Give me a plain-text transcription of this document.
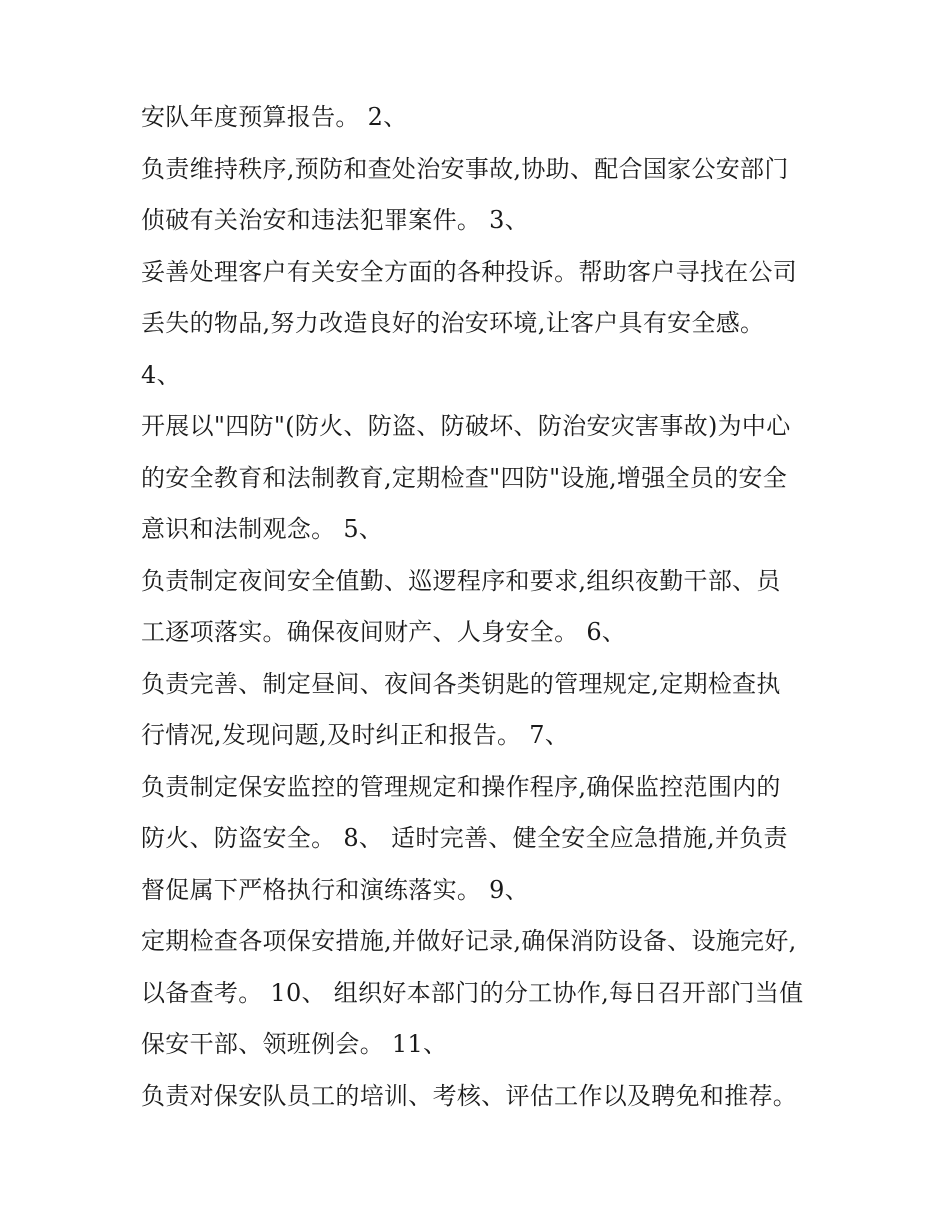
安队年度预算报告。 2、
负责维持秩序,预防和查处治安事故,协助、配合国家公安部门
侦破有关治安和违法犯罪案件。 3、
妥善处理客户有关安全方面的各种投诉。帮助客户寻找在公司
丢失的物品,努力改造良好的治安环境,让客户具有安全感。
4、
开展以"四防"(防火、防盗、防破坏、防治安灾害事故)为中心
的安全教育和法制教育,定期检查"四防"设施,增强全员的安全
意识和法制观念。 5、
负责制定夜间安全值勤、巡逻程序和要求,组织夜勤干部、员
工逐项落实。确保夜间财产、人身安全。 6、
负责完善、制定昼间、夜间各类钥匙的管理规定,定期检查执
行情况,发现问题,及时纠正和报告。 7、
负责制定保安监控的管理规定和操作程序,确保监控范围内的
防火、防盗安全。 8、 适时完善、健全安全应急措施,并负责
督促属下严格执行和演练落实。 9、
定期检查各项保安措施,并做好记录,确保消防设备、设施完好,
以备查考。 10、 组织好本部门的分工协作,每日召开部门当值
保安干部、领班例会。 11、
负责对保安队员工的培训、考核、评估工作以及聘免和推荐。
